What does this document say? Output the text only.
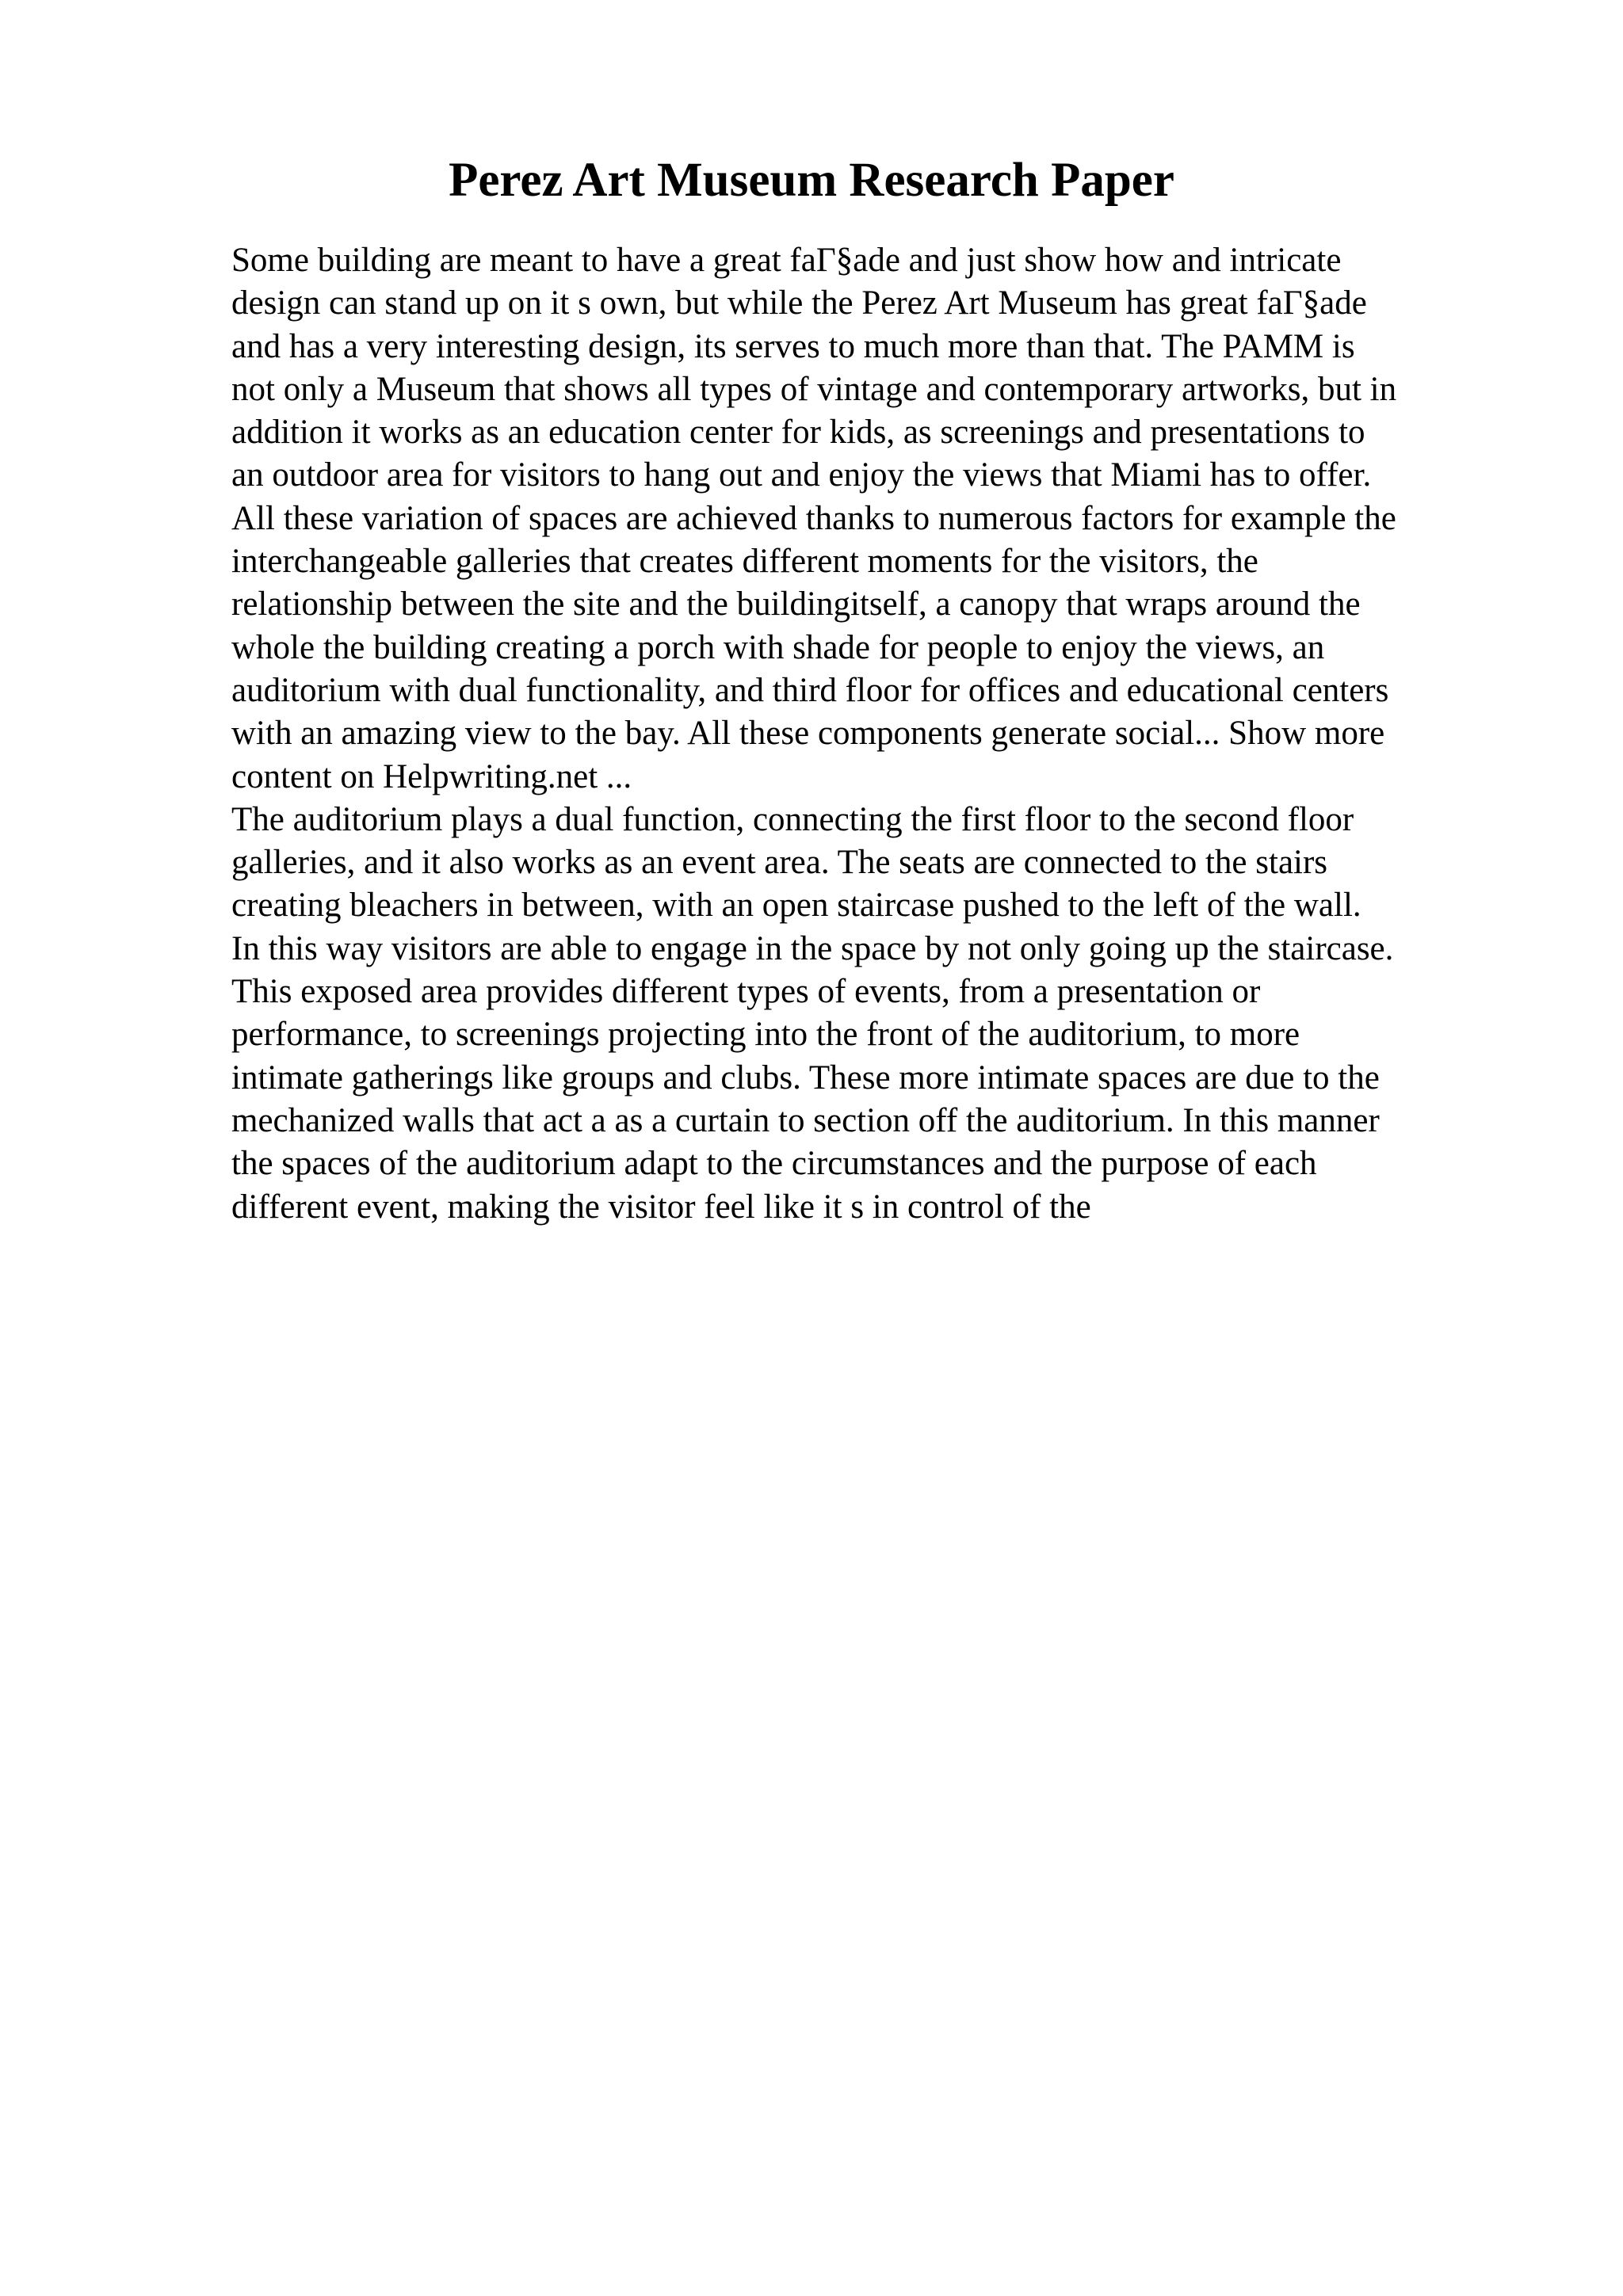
Perez Art Museum Research Paper
Some building are meant to have a great faΓ§ade and just show how and intricate
design can stand up on it s own, but while the Perez Art Museum has great faΓ§ade
and has a very interesting design, its serves to much more than that. The PAMM is
not only a Museum that shows all types of vintage and contemporary artworks, but in
addition it works as an education center for kids, as screenings and presentations to
an outdoor area for visitors to hang out and enjoy the views that Miami has to offer.
All these variation of spaces are achieved thanks to numerous factors for example the
interchangeable galleries that creates different moments for the visitors, the
relationship between the site and the buildingitself, a canopy that wraps around the
whole the building creating a porch with shade for people to enjoy the views, an
auditorium with dual functionality, and third floor for offices and educational centers
with an amazing view to the bay. All these components generate social... Show more
content on Helpwriting.net ...
The auditorium plays a dual function, connecting the first floor to the second floor
galleries, and it also works as an event area. The seats are connected to the stairs
creating bleachers in between, with an open staircase pushed to the left of the wall.
In this way visitors are able to engage in the space by not only going up the staircase.
This exposed area provides different types of events, from a presentation or
performance, to screenings projecting into the front of the auditorium, to more
intimate gatherings like groups and clubs. These more intimate spaces are due to the
mechanized walls that act a as a curtain to section off the auditorium. In this manner
the spaces of the auditorium adapt to the circumstances and the purpose of each
different event, making the visitor feel like it s in control of the
